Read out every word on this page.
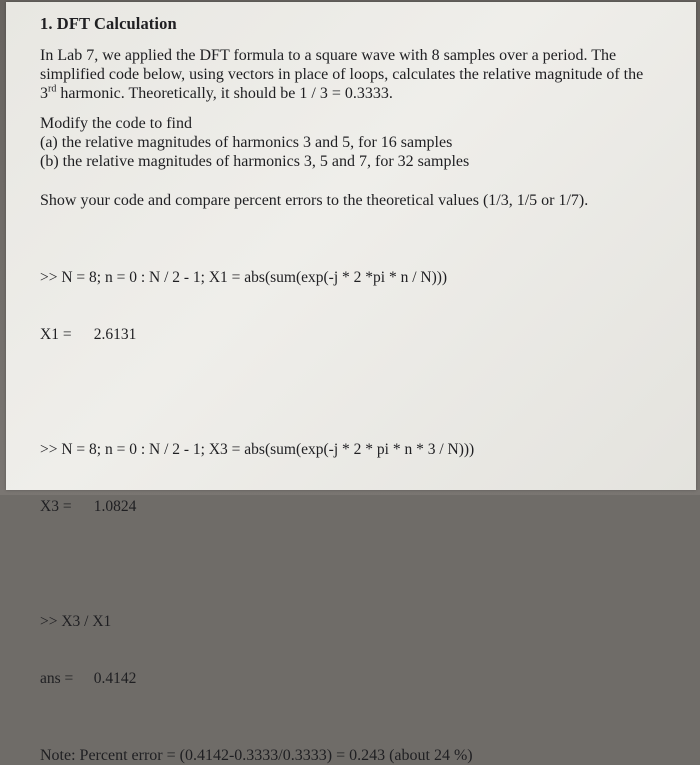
1. DFT Calculation
In Lab 7, we applied the DFT formula to a square wave with 8 samples over a period. The
simplified code below, using vectors in place of loops, calculates the relative magnitude of the
3rd harmonic. Theoretically, it should be 1 / 3 = 0.3333.
Modify the code to find
(a) the relative magnitudes of harmonics 3 and 5, for 16 samples
(b) the relative magnitudes of harmonics 3, 5 and 7, for 32 samples
Show your code and compare percent errors to the theoretical values (1/3, 1/5 or 1/7).

>> N = 8; n = 0 : N / 2 - 1; X1 = abs(sum(exp(-j * 2 *pi * n / N)))

X1 = 2.6131

>> N = 8; n = 0 : N / 2 - 1; X3 = abs(sum(exp(-j * 2 * pi * n * 3 / N)))

X3 = 1.0824

>> X3 / X1

ans = 0.4142

Note: Percent error = (0.4142-0.3333/0.3333) = 0.243 (about 24 %)
